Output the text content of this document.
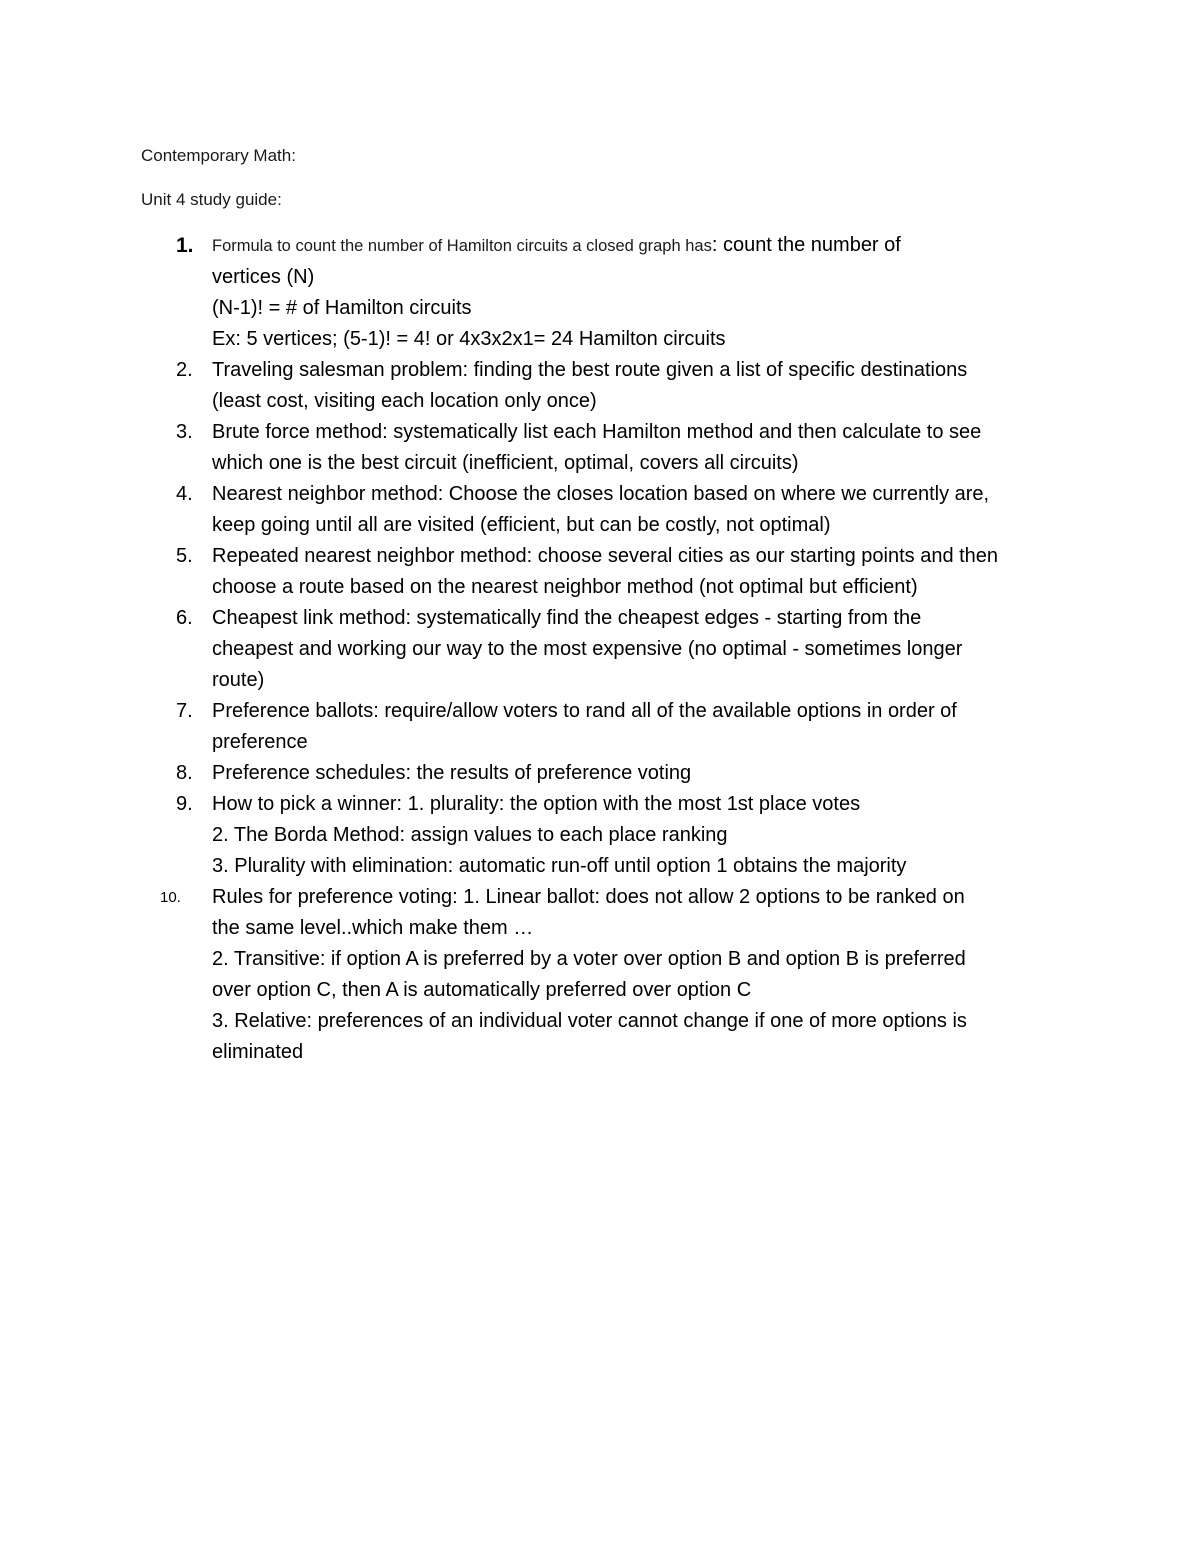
Contemporary Math:
Unit 4 study guide:
1.	Formula to count the number of Hamilton circuits a closed graph has: count the number of
vertices (N)
(N-1)! = # of Hamilton circuits
Ex: 5 vertices; (5-1)! = 4! or 4x3x2x1= 24 Hamilton circuits
2. Traveling salesman problem: finding the best route given a list of specific destinations
(least cost, visiting each location only once)
3. Brute force method: systematically list each Hamilton method and then calculate to see
which one is the best circuit (inefficient, optimal, covers all circuits)
4. Nearest neighbor method: Choose the closes location based on where we currently are,
keep going until all are visited (efficient, but can be costly, not optimal)
5. Repeated nearest neighbor method: choose several cities as our starting points and then
choose a route based on the nearest neighbor method (not optimal but efficient)
6. Cheapest link method: systematically find the cheapest edges - starting from the
cheapest and working our way to the most expensive (no optimal - sometimes longer
route)
7. Preference ballots: require/allow voters to rand all of the available options in order of
preference
8. Preference schedules: the results of preference voting
9. How to pick a winner: 1. plurality: the option with the most 1st place votes
2. The Borda Method: assign values to each place ranking
3. Plurality with elimination: automatic run-off until option 1 obtains the majority
10.	Rules for preference voting: 1. Linear ballot: does not allow 2 options to be ranked on
the same level..which make them …
2. Transitive: if option A is preferred by a voter over option B and option B is preferred
over option C, then A is automatically preferred over option C
3. Relative: preferences of an individual voter cannot change if one of more options is
eliminated
